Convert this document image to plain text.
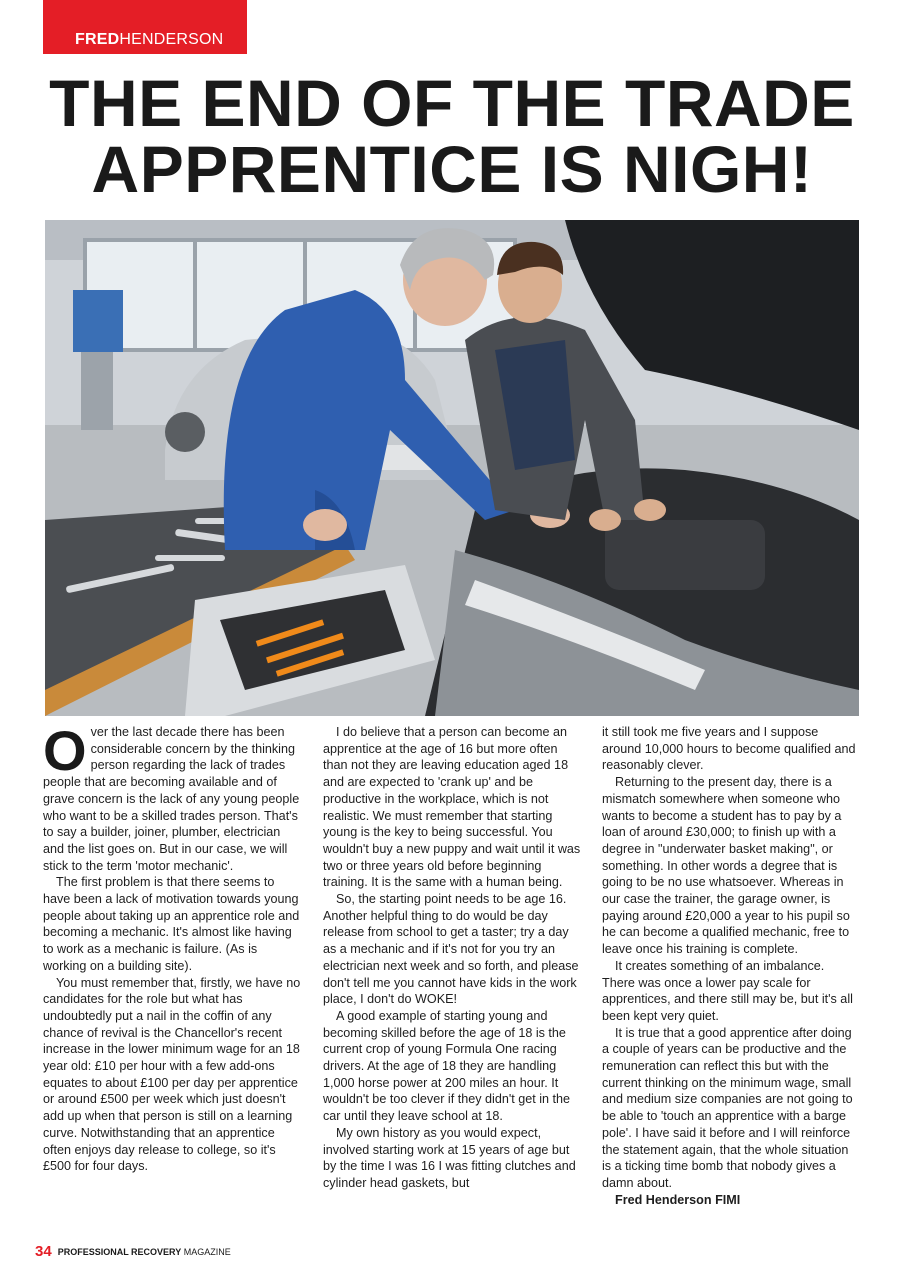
FREDHENDERSON
THE END OF THE TRADE
APPRENTICE IS NIGH!

Over the last decade there has been considerable concern by the thinking person regarding the lack of trades people that are becoming available and of grave concern is the lack of any young people who want to be a skilled trades person. That's to say a builder, joiner, plumber, electrician and the list goes on. But in our case, we will stick to the term 'motor mechanic'.

The first problem is that there seems to have been a lack of motivation towards young people about taking up an apprentice role and becoming a mechanic. It's almost like having to work as a mechanic is failure. (As is working on a building site).

You must remember that, firstly, we have no candidates for the role but what has undoubtedly put a nail in the coffin of any chance of revival is the Chancellor's recent increase in the lower minimum wage for an 18 year old: £10 per hour with a few add-ons equates to about £100 per day per apprentice or around £500 per week which just doesn't add up when that person is still on a learning curve. Notwithstanding that an apprentice often enjoys day release to college, so it's £500 for four days.

I do believe that a person can become an apprentice at the age of 16 but more often than not they are leaving education aged 18 and are expected to 'crank up' and be productive in the workplace, which is not realistic. We must remember that starting young is the key to being successful. You wouldn't buy a new puppy and wait until it was two or three years old before beginning training. It is the same with a human being.

So, the starting point needs to be age 16. Another helpful thing to do would be day release from school to get a taster; try a day as a mechanic and if it's not for you try an electrician next week and so forth, and please don't tell me you cannot have kids in the work place, I don't do WOKE!

A good example of starting young and becoming skilled before the age of 18 is the current crop of young Formula One racing drivers. At the age of 18 they are handling 1,000 horse power at 200 miles an hour. It wouldn't be too clever if they didn't get in the car until they leave school at 18.

My own history as you would expect, involved starting work at 15 years of age but by the time I was 16 I was fitting clutches and cylinder head gaskets, but

it still took me five years and I suppose around 10,000 hours to become qualified and reasonably clever.

Returning to the present day, there is a mismatch somewhere when someone who wants to become a student has to pay by a loan of around £30,000; to finish up with a degree in "underwater basket making", or something. In other words a degree that is going to be no use whatsoever. Whereas in our case the trainer, the garage owner, is paying around £20,000 a year to his pupil so he can become a qualified mechanic, free to leave once his training is complete.

It creates something of an imbalance. There was once a lower pay scale for apprentices, and there still may be, but it's all been kept very quiet.

It is true that a good apprentice after doing a couple of years can be productive and the remuneration can reflect this but with the current thinking on the minimum wage, small and medium size companies are not going to be able to 'touch an apprentice with a barge pole'. I have said it before and I will reinforce the statement again, that the whole situation is a ticking time bomb that nobody gives a damn about.

Fred Henderson FIMI

34 PROFESSIONAL RECOVERY MAGAZINE
